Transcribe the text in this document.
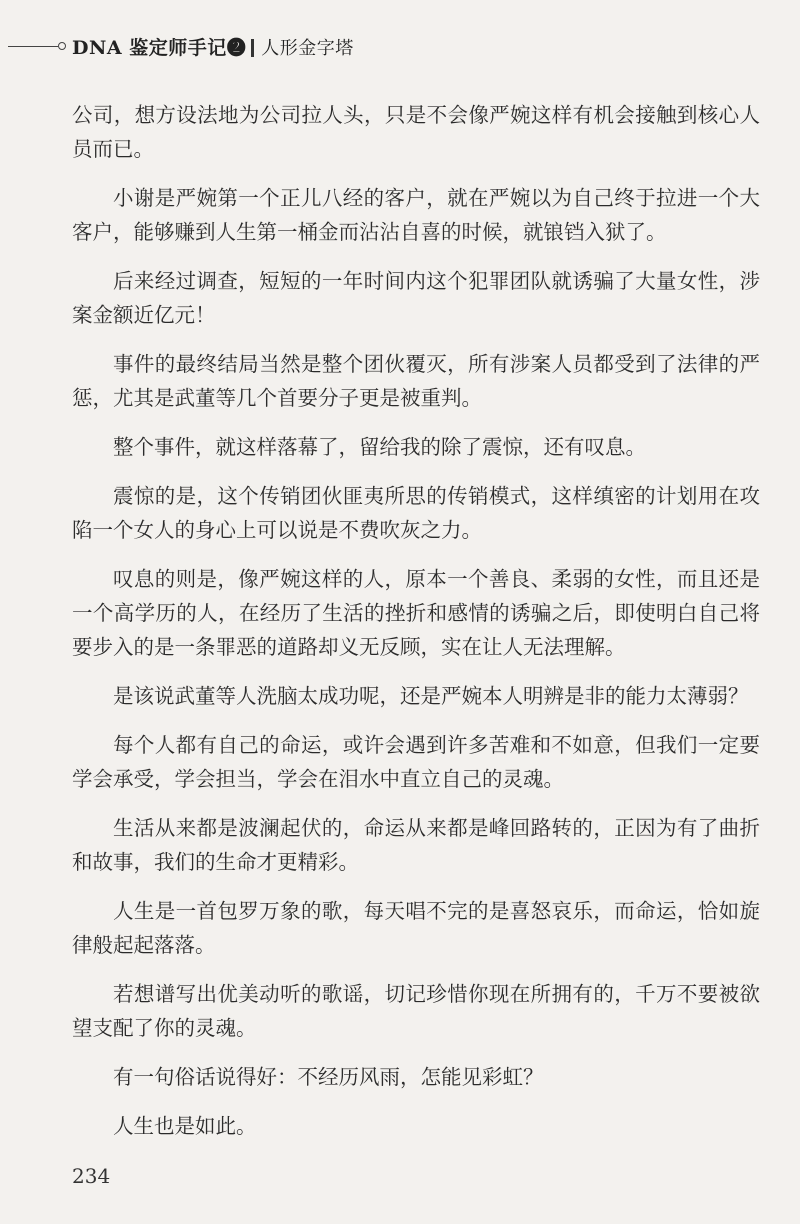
DNA 鉴定师手记❷ 人形金字塔

公司，想方设法地为公司拉人头，只是不会像严婉这样有机会接触到核心人员而已。

小谢是严婉第一个正儿八经的客户，就在严婉以为自己终于拉进一个大客户，能够赚到人生第一桶金而沾沾自喜的时候，就锒铛入狱了。

后来经过调查，短短的一年时间内这个犯罪团队就诱骗了大量女性，涉案金额近亿元！

事件的最终结局当然是整个团伙覆灭，所有涉案人员都受到了法律的严惩，尤其是武董等几个首要分子更是被重判。

整个事件，就这样落幕了，留给我的除了震惊，还有叹息。

震惊的是，这个传销团伙匪夷所思的传销模式，这样缜密的计划用在攻陷一个女人的身心上可以说是不费吹灰之力。

叹息的则是，像严婉这样的人，原本一个善良、柔弱的女性，而且还是一个高学历的人，在经历了生活的挫折和感情的诱骗之后，即使明白自己将要步入的是一条罪恶的道路却义无反顾，实在让人无法理解。

是该说武董等人洗脑太成功呢，还是严婉本人明辨是非的能力太薄弱？

每个人都有自己的命运，或许会遇到许多苦难和不如意，但我们一定要学会承受，学会担当，学会在泪水中直立自己的灵魂。

生活从来都是波澜起伏的，命运从来都是峰回路转的，正因为有了曲折和故事，我们的生命才更精彩。

人生是一首包罗万象的歌，每天唱不完的是喜怒哀乐，而命运，恰如旋律般起起落落。

若想谱写出优美动听的歌谣，切记珍惜你现在所拥有的，千万不要被欲望支配了你的灵魂。

有一句俗话说得好：不经历风雨，怎能见彩虹？

人生也是如此。

234
